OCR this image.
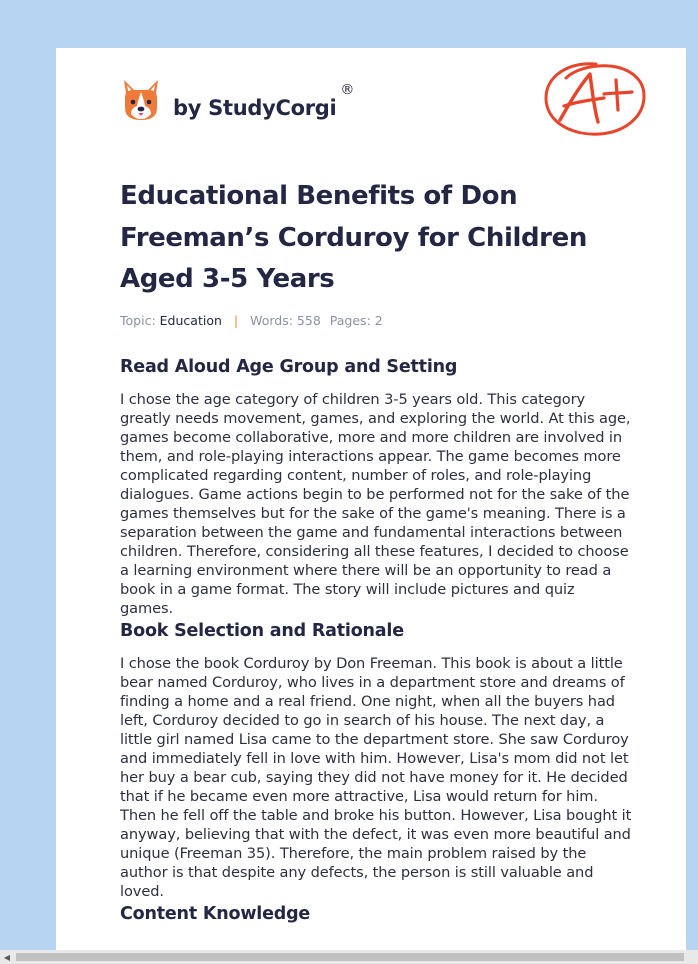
by StudyCorgi
®
Educational Benefits of Don Freeman’s Corduroy for Children Aged 3-5 Years
Topic: Education | Words: 558 Pages: 2
Read Aloud Age Group and Setting

I chose the age category of children 3-5 years old. This category greatly needs movement, games, and exploring the world. At this age, games become collaborative, more and more children are involved in them, and role-playing interactions appear. The game becomes more complicated regarding content, number of roles, and role-playing dialogues. Game actions begin to be performed not for the sake of the games themselves but for the sake of the game's meaning. There is a separation between the game and fundamental interactions between children. Therefore, considering all these features, I decided to choose a learning environment where there will be an opportunity to read a book in a game format. The story will include pictures and quiz games.

Book Selection and Rationale

I chose the book Corduroy by Don Freeman. This book is about a little bear named Corduroy, who lives in a department store and dreams of finding a home and a real friend. One night, when all the buyers had left, Corduroy decided to go in search of his house. The next day, a little girl named Lisa came to the department store. She saw Corduroy and immediately fell in love with him. However, Lisa's mom did not let her buy a bear cub, saying they did not have money for it. He decided that if he became even more attractive, Lisa would return for him. Then he fell off the table and broke his button. However, Lisa bought it anyway, believing that with the defect, it was even more beautiful and unique (Freeman 35). Therefore, the main problem raised by the author is that despite any defects, the person is still valuable and loved.

Content Knowledge
◀
